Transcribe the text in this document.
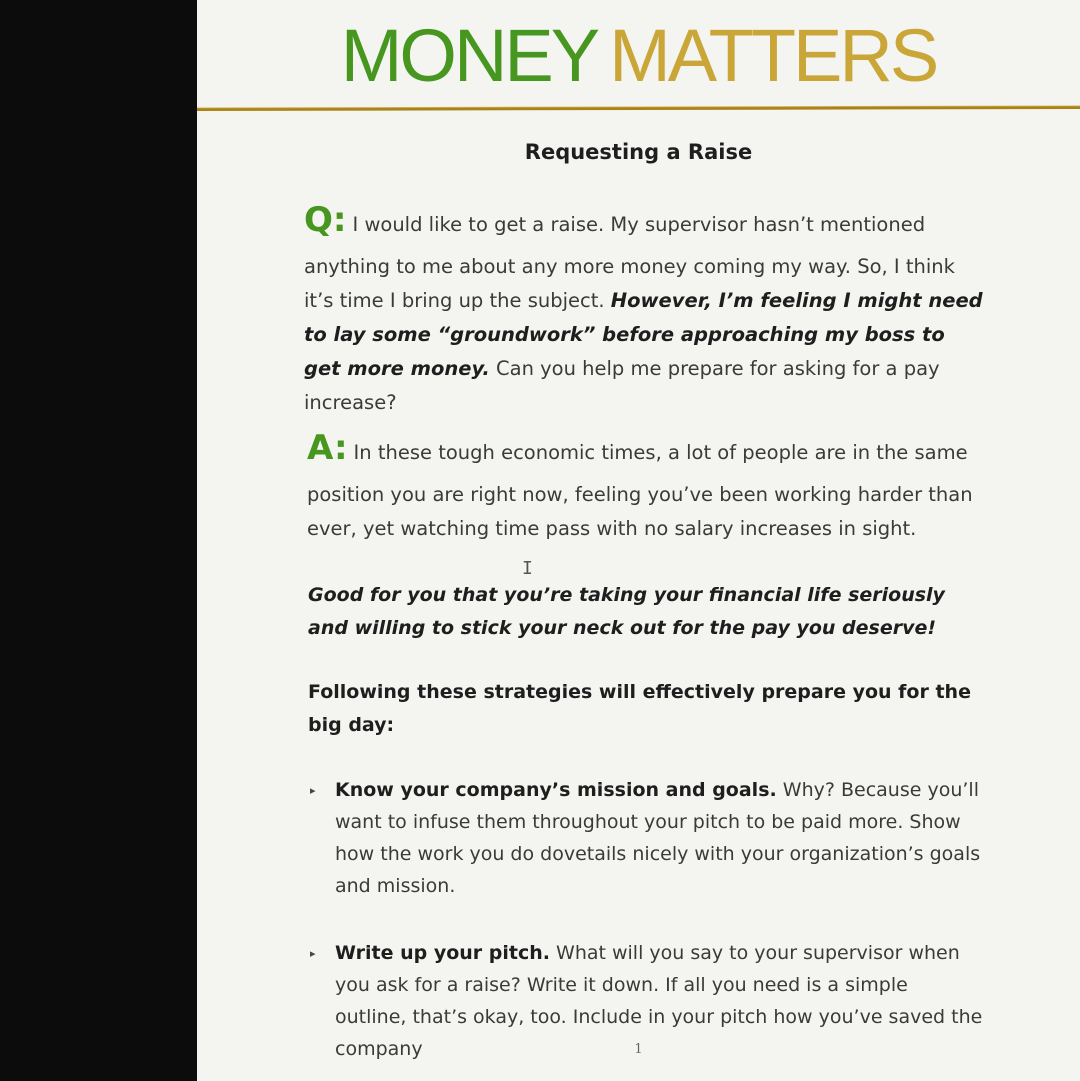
MONEY MATTERS
Requesting a Raise
Q: I would like to get a raise. My supervisor hasn’t mentioned
anything to me about any more money coming my way. So, I think it’s time I bring up the subject. However, I’m feeling I might need to lay some “groundwork” before approaching my boss to get more money. Can you help me prepare for asking for a pay increase?
A: In these tough economic times, a lot of people are in the same
position you are right now, feeling you’ve been working harder than ever, yet watching time pass with no salary increases in sight.
I
Good for you that you’re taking your financial life seriously and willing to stick your neck out for the pay you deserve!
Following these strategies will effectively prepare you for the big day:
▸ Know your company’s mission and goals. Why? Because you’ll want to infuse them throughout your pitch to be paid more. Show how the work you do dovetails nicely with your organization’s goals and mission.
▸ Write up your pitch. What will you say to your supervisor when you ask for a raise? Write it down. If all you need is a simple outline, that’s okay, too. Include in your pitch how you’ve saved the company	1
